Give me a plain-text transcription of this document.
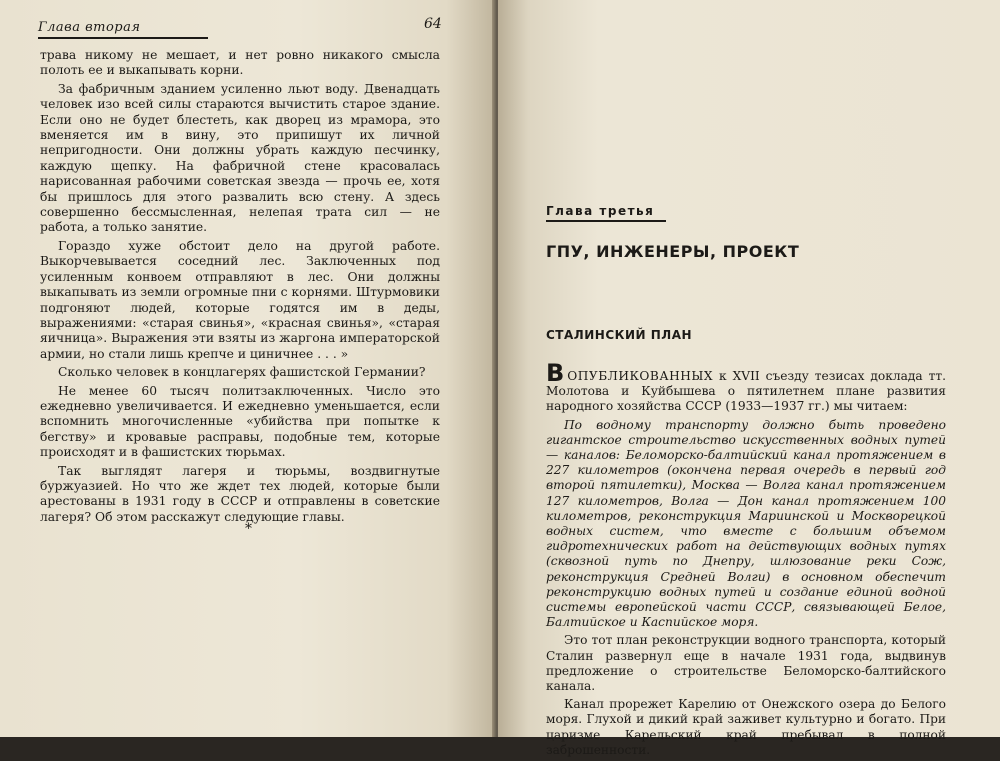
Глава вторая	64

трава никому не мешает, и нет ровно никакого смысла полоть ее и выкапывать корни.

За фабричным зданием усиленно льют воду. Двенадцать человек изо всей силы стараются вычистить старое здание. Если оно не будет блестеть, как дворец из мрамора, это вменяется им в вину, это припишут их личной непригодности. Они должны убрать каждую песчинку, каждую щепку. На фабричной стене красовалась нарисованная рабочими советская звезда — прочь ее, хотя бы пришлось для этого развалить всю стену. А здесь совершенно бессмысленная, нелепая трата сил — не работа, а только занятие.

Гораздо хуже обстоит дело на другой работе. Выкорчевывается соседний лес. Заключенных под усиленным конвоем отправляют в лес. Они должны выкапывать из земли огромные пни с корнями. Штурмовики подгоняют людей, которые годятся им в деды, выражениями: «старая свинья», «красная свинья», «старая яичница». Выражения эти взяты из жаргона императорской армии, но стали лишь крепче и циничнее . . . »

Сколько человек в концлагерях фашистской Германии?

Не менее 60 тысяч политзаключенных. Число это ежедневно увеличивается. И ежедневно уменьшается, если вспомнить многочисленные «убийства при попытке к бегству» и кровавые расправы, подобные тем, которые происходят и в фашистских тюрьмах.

Так выглядят лагеря и тюрьмы, воздвигнутые буржуазией. Но что же ждет тех людей, которые были арестованы в 1931 году в СССР и отправлены в советские лагеря? Об этом расскажут следующие главы.

*
Глава третья
ГПУ, ИНЖЕНЕРЫ, ПРОЕКТ
СТАЛИНСКИЙ ПЛАН

ВОПУБЛИКОВАННЫХ к XVII съезду тезисах доклада тт. Молотова и Куйбышева о пятилетнем плане развития народного хозяйства СССР (1933—1937 гг.) мы читаем:

По водному транспорту должно быть проведено гигантское строительство искусственных водных путей — каналов: Беломорско-балтийский канал протяжением в 227 километров (окончена первая очередь в первый год второй пятилетки), Москва — Волга канал протяжением 127 километров, Волга — Дон канал протяжением 100 километров, реконструкция Мариинской и Москворецкой водных систем, что вместе с большим объемом гидротехнических работ на действующих водных путях (сквозной путь по Днепру, шлюзование реки Сож, реконструкция Средней Волги) в основном обеспечит реконструкцию водных путей и создание единой водной системы европейской части СССР, связывающей Белое, Балтийское и Каспийское моря.

Это тот план реконструкции водного транспорта, который Сталин развернул еще в начале 1931 года, выдвинув предложение о строительстве Беломорско-балтийского канала.

Канал прорежет Карелию от Онежского озера до Белого моря. Глухой и дикий край заживет культурно и богато. При царизме Карельский край пребывал в полной заброшенности.
